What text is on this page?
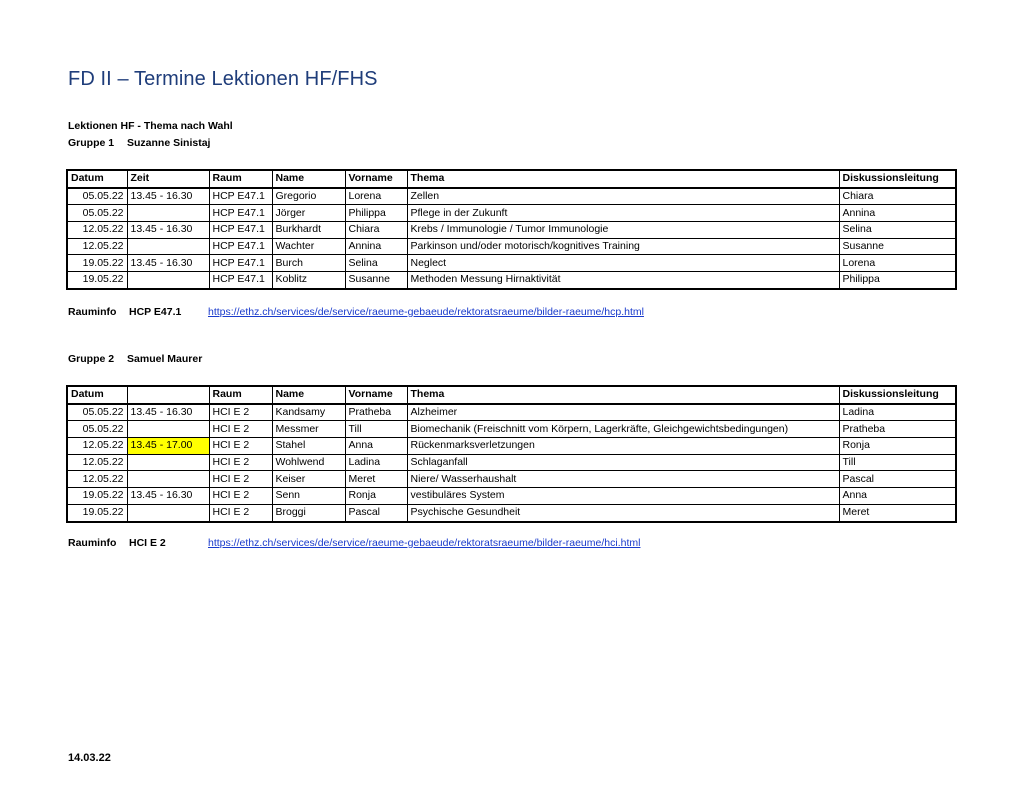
FD II – Termine Lektionen HF/FHS
Lektionen HF - Thema nach Wahl
Gruppe 1 Suzanne Sinistaj
Datum	Zeit	Raum	Name	Vorname	Thema	Diskussionsleitung
05.05.22	13.45 - 16.30	HCP E47.1	Gregorio	Lorena	Zellen	Chiara
05.05.22		HCP E47.1	Jörger	Philippa	Pflege in der Zukunft	Annina
12.05.22	13.45 - 16.30	HCP E47.1	Burkhardt	Chiara	Krebs / Immunologie / Tumor Immunologie	Selina
12.05.22		HCP E47.1	Wachter	Annina	Parkinson und/oder motorisch/kognitives Training	Susanne
19.05.22	13.45 - 16.30	HCP E47.1	Burch	Selina	Neglect	Lorena
19.05.22		HCP E47.1	Koblitz	Susanne	Methoden Messung Hirnaktivität	Philippa
Rauminfo HCP E47.1	https://ethz.ch/services/de/service/raeume-gebaeude/rektoratsraeume/bilder-raeume/hcp.html
Gruppe 2 Samuel Maurer
Datum		Raum	Name	Vorname	Thema	Diskussionsleitung
05.05.22	13.45 - 16.30	HCI E 2	Kandsamy	Pratheba	Alzheimer	Ladina
05.05.22		HCI E 2	Messmer	Till	Biomechanik (Freischnitt vom Körpern, Lagerkräfte, Gleichgewichtsbedingungen)	Pratheba
12.05.22	13.45 - 17.00	HCI E 2	Stahel	Anna	Rückenmarksverletzungen	Ronja
12.05.22		HCI E 2	Wohlwend	Ladina	Schlaganfall	Till
12.05.22		HCI E 2	Keiser	Meret	Niere/ Wasserhaushalt	Pascal
19.05.22	13.45 - 16.30	HCI E 2	Senn	Ronja	vestibuläres System	Anna
19.05.22		HCI E 2	Broggi	Pascal	Psychische Gesundheit	Meret
Rauminfo HCI E 2	https://ethz.ch/services/de/service/raeume-gebaeude/rektoratsraeume/bilder-raeume/hci.html
14.03.22
